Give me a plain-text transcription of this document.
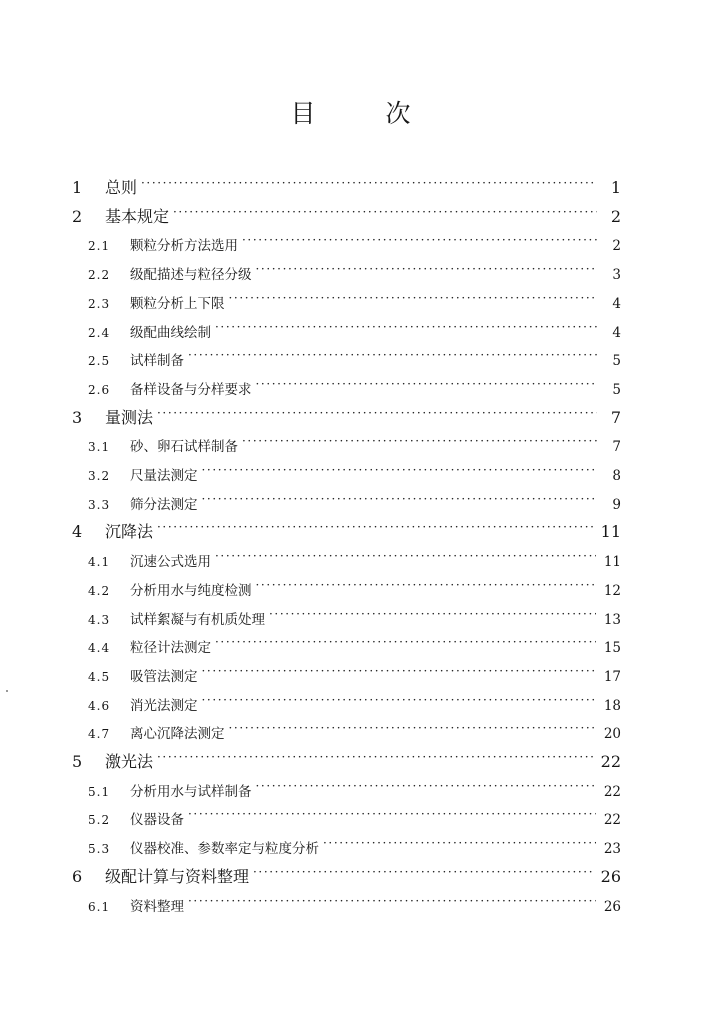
目	次
1	总则 ·····	1
2	基本规定 ·····	2
2.1	颗粒分析方法选用 ·····	2
2.2	级配描述与粒径分级 ·····	3
2.3	颗粒分析上下限 ·····	4
2.4	级配曲线绘制 ·····	4
2.5	试样制备 ·····	5
2.6	备样设备与分样要求 ·····	5
3	量测法 ·····	7
3.1	砂、卵石试样制备 ·····	7
3.2	尺量法测定 ·····	8
3.3	筛分法测定 ·····	9
4	沉降法 ·····	11
4.1	沉速公式选用 ·····	11
4.2	分析用水与纯度检测 ·····	12
4.3	试样絮凝与有机质处理 ·····	13
4.4	粒径计法测定 ·····	15
4.5	吸管法测定 ·····	17
4.6	消光法测定 ·····	18
4.7	离心沉降法测定 ·····	20
5	激光法 ·····	22
5.1	分析用水与试样制备 ·····	22
5.2	仪器设备 ·····	22
5.3	仪器校准、参数率定与粒度分析 ·····	23
6	级配计算与资料整理 ·····	26
6.1	资料整理 ·····	26
